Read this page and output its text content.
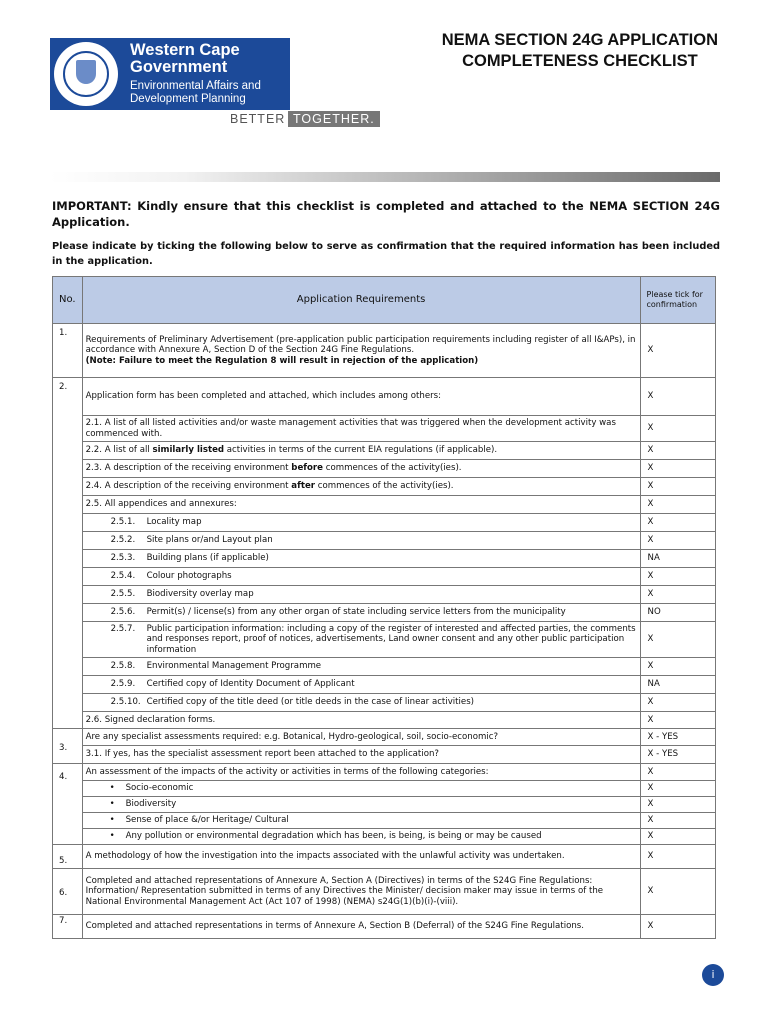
Western Cape
Government
Environmental Affairs and
Development Planning
BETTER TOGETHER.
NEMA SECTION 24G APPLICATION
COMPLETENESS CHECKLIST
IMPORTANT: Kindly ensure that this checklist is completed and attached to the NEMA SECTION 24G Application.
Please indicate by ticking the following below to serve as confirmation that the required information has been included in the application.
No.	Application Requirements	Please tick for confirmation
1.	Requirements of Preliminary Advertisement (pre-application public participation requirements including register of all I&APs), in accordance with Annexure A, Section D of the Section 24G Fine Regulations.
(Note: Failure to meet the Regulation 8 will result in rejection of the application)	X
2.	Application form has been completed and attached, which includes among others:	X
	2.1. A list of all listed activities and/or waste management activities that was triggered when the development activity was commenced with.	X
	2.2. A list of all similarly listed activities in terms of the current EIA regulations (if applicable).	X
	2.3. A description of the receiving environment before commences of the activity(ies).	X
	2.4. A description of the receiving environment after commences of the activity(ies).	X
	2.5. All appendices and annexures:	X
	2.5.1. Locality map	X
	2.5.2. Site plans or/and Layout plan	X
	2.5.3. Building plans (if applicable)	NA
	2.5.4. Colour photographs	X
	2.5.5. Biodiversity overlay map	X
	2.5.6. Permit(s) / license(s) from any other organ of state including service letters from the municipality	NO

	2.5.7. Public participation information: including a copy of the register of interested and affected parties, the comments and responses report, proof of notices, advertisements, Land owner consent and any other public participation information	X
	2.5.8. Environmental Management Programme	X
	2.5.9. Certified copy of Identity Document of Applicant	NA
	2.5.10. Certified copy of the title deed (or title deeds in the case of linear activities)	X
	2.6. Signed declaration forms.	X
3.	Are any specialist assessments required: e.g. Botanical, Hydro-geological, soil, socio-economic?	X - YES
	3.1. If yes, has the specialist assessment report been attached to the application?	X - YES
4.	An assessment of the impacts of the activity or activities in terms of the following categories:	X
	• Socio-economic	X
	• Biodiversity	X
	• Sense of place &/or Heritage/ Cultural	X
	• Any pollution or environmental degradation which has been, is being, is being or may be caused	X
5.	A methodology of how the investigation into the impacts associated with the unlawful activity was undertaken.	X
6.	Completed and attached representations of Annexure A, Section A (Directives) in terms of the S24G Fine Regulations:
Information/ Representation submitted in terms of any Directives the Minister/ decision maker may issue in terms of the National Environmental Management Act (Act 107 of 1998) (NEMA) s24G(1)(b)(i)-(viii).	X
7.	Completed and attached representations in terms of Annexure A, Section B (Deferral) of the S24G Fine Regulations.	X
i
